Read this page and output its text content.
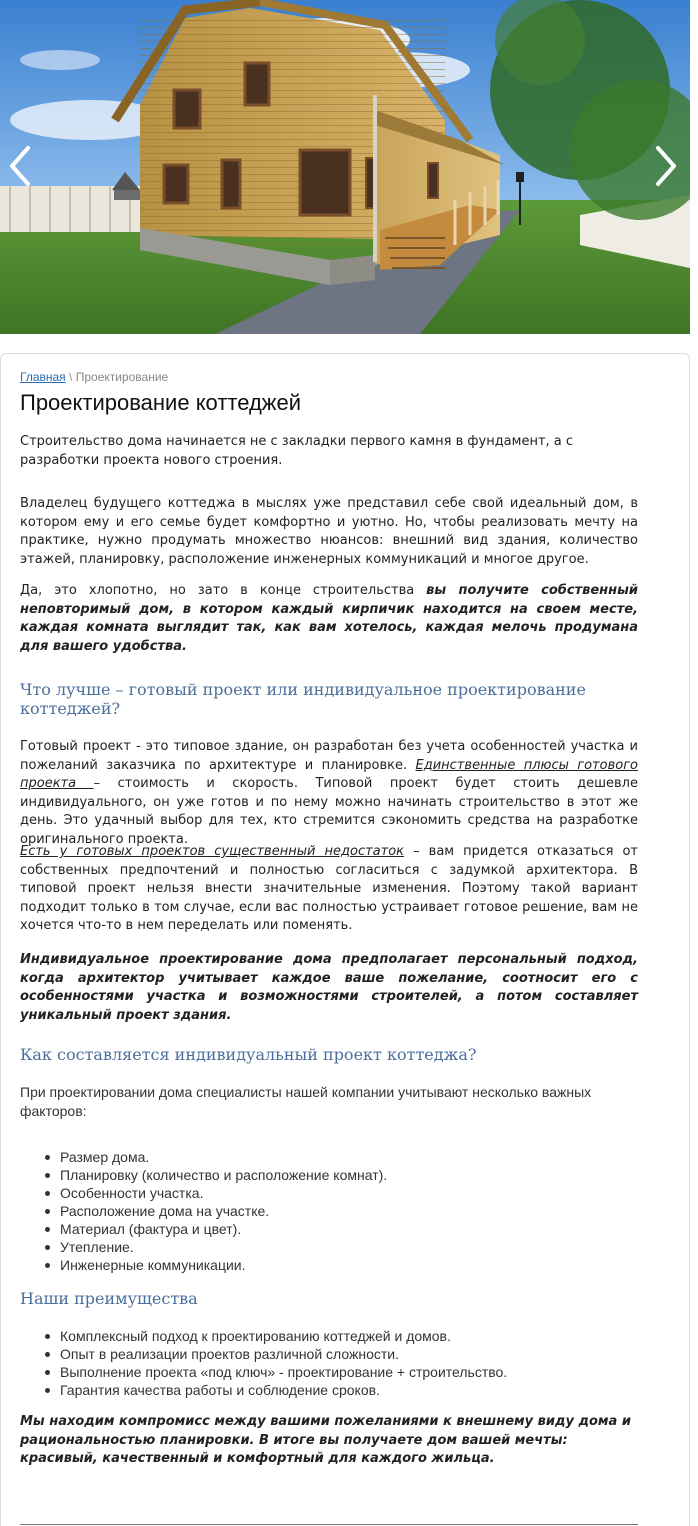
Главная \ Проектирование
Проектирование коттеджей
Строительство дома начинается не с закладки первого камня в фундамент, а с разработки проекта нового строения.
Владелец будущего коттеджа в мыслях уже представил себе свой идеальный дом, в котором ему и его семье будет комфортно и уютно. Но, чтобы реализовать мечту на практике, нужно продумать множество нюансов: внешний вид здания, количество этажей, планировку, расположение инженерных коммуникаций и многое другое.
Да, это хлопотно, но зато в конце строительства вы получите собственный неповторимый дом, в котором каждый кирпичик находится на своем месте, каждая комната выглядит так, как вам хотелось, каждая мелочь продумана для вашего удобства.
Что лучше – готовый проект или индивидуальное проектирование коттеджей?
Готовый проект - это типовое здание, он разработан без учета особенностей участка и пожеланий заказчика по архитектуре и планировке. Единственные плюсы готового проекта – стоимость и скорость. Типовой проект будет стоить дешевле индивидуального, он уже готов и по нему можно начинать строительство в этот же день. Это удачный выбор для тех, кто стремится сэкономить средства на разработке оригинального проекта.
Есть у готовых проектов существенный недостаток – вам придется отказаться от собственных предпочтений и полностью согласиться с задумкой архитектора. В типовой проект нельзя внести значительные изменения. Поэтому такой вариант подходит только в том случае, если вас полностью устраивает готовое решение, вам не хочется что-то в нем переделать или поменять.
Индивидуальное проектирование дома предполагает персональный подход, когда архитектор учитывает каждое ваше пожелание, соотносит его с особенностями участка и возможностями строителей, а потом составляет уникальный проект здания.
Как составляется индивидуальный проект коттеджа?
При проектировании дома специалисты нашей компании учитывают несколько важных факторов:
Размер дома.
Планировку (количество и расположение комнат).
Особенности участка.
Расположение дома на участке.
Материал (фактура и цвет).
Утепление.
Инженерные коммуникации.
Наши преимущества
Комплексный подход к проектированию коттеджей и домов.
Опыт в реализации проектов различной сложности.
Выполнение проекта «под ключ» - проектирование + строительство.
Гарантия качества работы и соблюдение сроков.
Мы находим компромисс между вашими пожеланиями к внешнему виду дома и рациональностью планировки. В итоге вы получаете дом вашей мечты: красивый, качественный и комфортный для каждого жильца.
